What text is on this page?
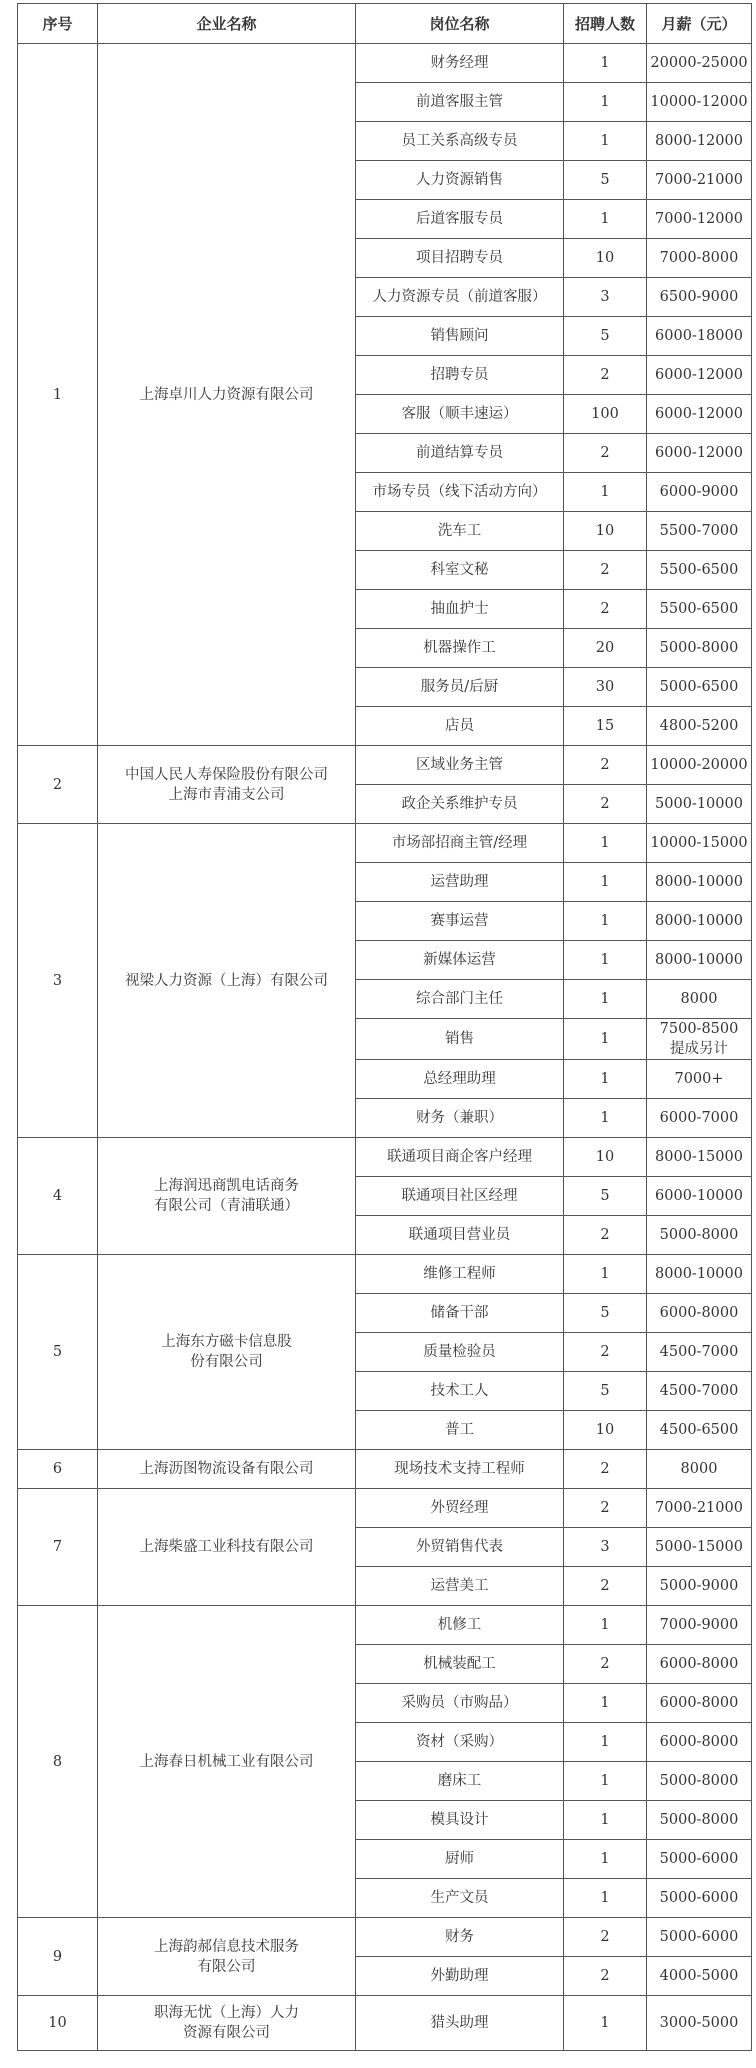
序号	企业名称	岗位名称	招聘人数	月薪（元）
1	上海卓川人力资源有限公司	财务经理	1	20000-25000
		前道客服主管	1	10000-12000
		员工关系高级专员	1	8000-12000
		人力资源销售	5	7000-21000
		后道客服专员	1	7000-12000
		项目招聘专员	10	7000-8000
		人力资源专员（前道客服）	3	6500-9000
		销售顾问	5	6000-18000
		招聘专员	2	6000-12000
		客服（顺丰速运）	100	6000-12000
		前道结算专员	2	6000-12000
		市场专员（线下活动方向）	1	6000-9000
		洗车工	10	5500-7000
		科室文秘	2	5500-6500
		抽血护士	2	5500-6500
		机器操作工	20	5000-8000
		服务员/后厨	30	5000-6500
		店员	15	4800-5200
2	中国人民人寿保险股份有限公司
上海市青浦支公司	区域业务主管	2	10000-20000
		政企关系维护专员	2	5000-10000
3	视梁人力资源（上海）有限公司	市场部招商主管/经理	1	10000-15000
		运营助理	1	8000-10000
		赛事运营	1	8000-10000
		新媒体运营	1	8000-10000
		综合部门主任	1	8000
		销售	1	7500-8500
提成另计
		总经理助理	1	7000+
		财务（兼职）	1	6000-7000
4	上海润迅商凯电话商务
有限公司（青浦联通）	联通项目商企客户经理	10	8000-15000
		联通项目社区经理	5	6000-10000
		联通项目营业员	2	5000-8000
5	上海东方磁卡信息股
份有限公司	维修工程师	1	8000-10000
		储备干部	5	6000-8000
		质量检验员	2	4500-7000
		技术工人	5	4500-7000
		普工	10	4500-6500
6	上海沥图物流设备有限公司	现场技术支持工程师	2	8000
7	上海柴盛工业科技有限公司	外贸经理	2	7000-21000
		外贸销售代表	3	5000-15000
		运营美工	2	5000-9000
8	上海春日机械工业有限公司	机修工	1	7000-9000
		机械装配工	2	6000-8000
		采购员（市购品）	1	6000-8000
		资材（采购）	1	6000-8000
		磨床工	1	5000-8000
		模具设计	1	5000-8000
		厨师	1	5000-6000
		生产文员	1	5000-6000
9	上海韵郝信息技术服务
有限公司	财务	2	5000-6000
		外勤助理	2	4000-5000
10	职海无忧（上海）人力
资源有限公司	猎头助理	1	3000-5000
